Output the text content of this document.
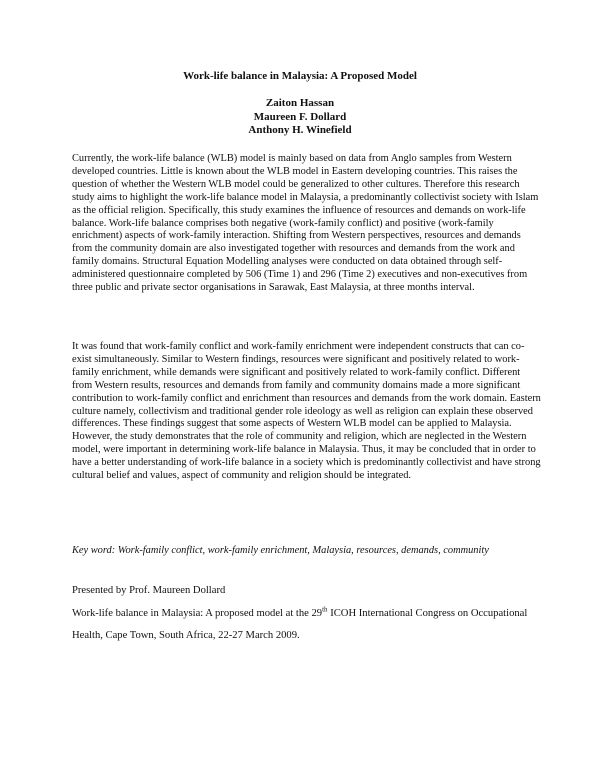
Work-life balance in Malaysia: A Proposed Model
Zaiton Hassan
Maureen F. Dollard
Anthony H. Winefield
Currently, the work-life balance (WLB) model is mainly based on data from Anglo samples from Western developed countries. Little is known about the WLB model in Eastern developing countries. This raises the question of whether the Western WLB model could be generalized to other cultures. Therefore this research study aims to highlight the work-life balance model in Malaysia, a predominantly collectivist society with Islam as the official religion. Specifically, this study examines the influence of resources and demands on work-life balance. Work-life balance comprises both negative (work-family conflict) and positive (work-family enrichment) aspects of work-family interaction. Shifting from Western perspectives, resources and demands from the community domain are also investigated together with resources and demands from the work and family domains. Structural Equation Modelling analyses were conducted on data obtained through self-administered questionnaire completed by 506 (Time 1) and 296 (Time 2) executives and non-executives from three public and private sector organisations in Sarawak, East Malaysia, at three months interval.
It was found that work-family conflict and work-family enrichment were independent constructs that can co-exist simultaneously. Similar to Western findings, resources were significant and positively related to work-family enrichment, while demands were significant and positively related to work-family conflict. Different from Western results, resources and demands from family and community domains made a more significant contribution to work-family conflict and enrichment than resources and demands from the work domain. Eastern culture namely, collectivism and traditional gender role ideology as well as religion can explain these observed differences. These findings suggest that some aspects of Western WLB model can be applied to Malaysia. However, the study demonstrates that the role of community and religion, which are neglected in the Western model, were important in determining work-life balance in Malaysia. Thus, it may be concluded that in order to have a better understanding of work-life balance in a society which is predominantly collectivist and have strong cultural belief and values, aspect of community and religion should be integrated.
Key word: Work-family conflict, work-family enrichment, Malaysia, resources, demands, community
Presented by Prof. Maureen Dollard
Work-life balance in Malaysia: A proposed model at the 29th ICOH International Congress on Occupational Health, Cape Town, South Africa, 22-27 March 2009.
